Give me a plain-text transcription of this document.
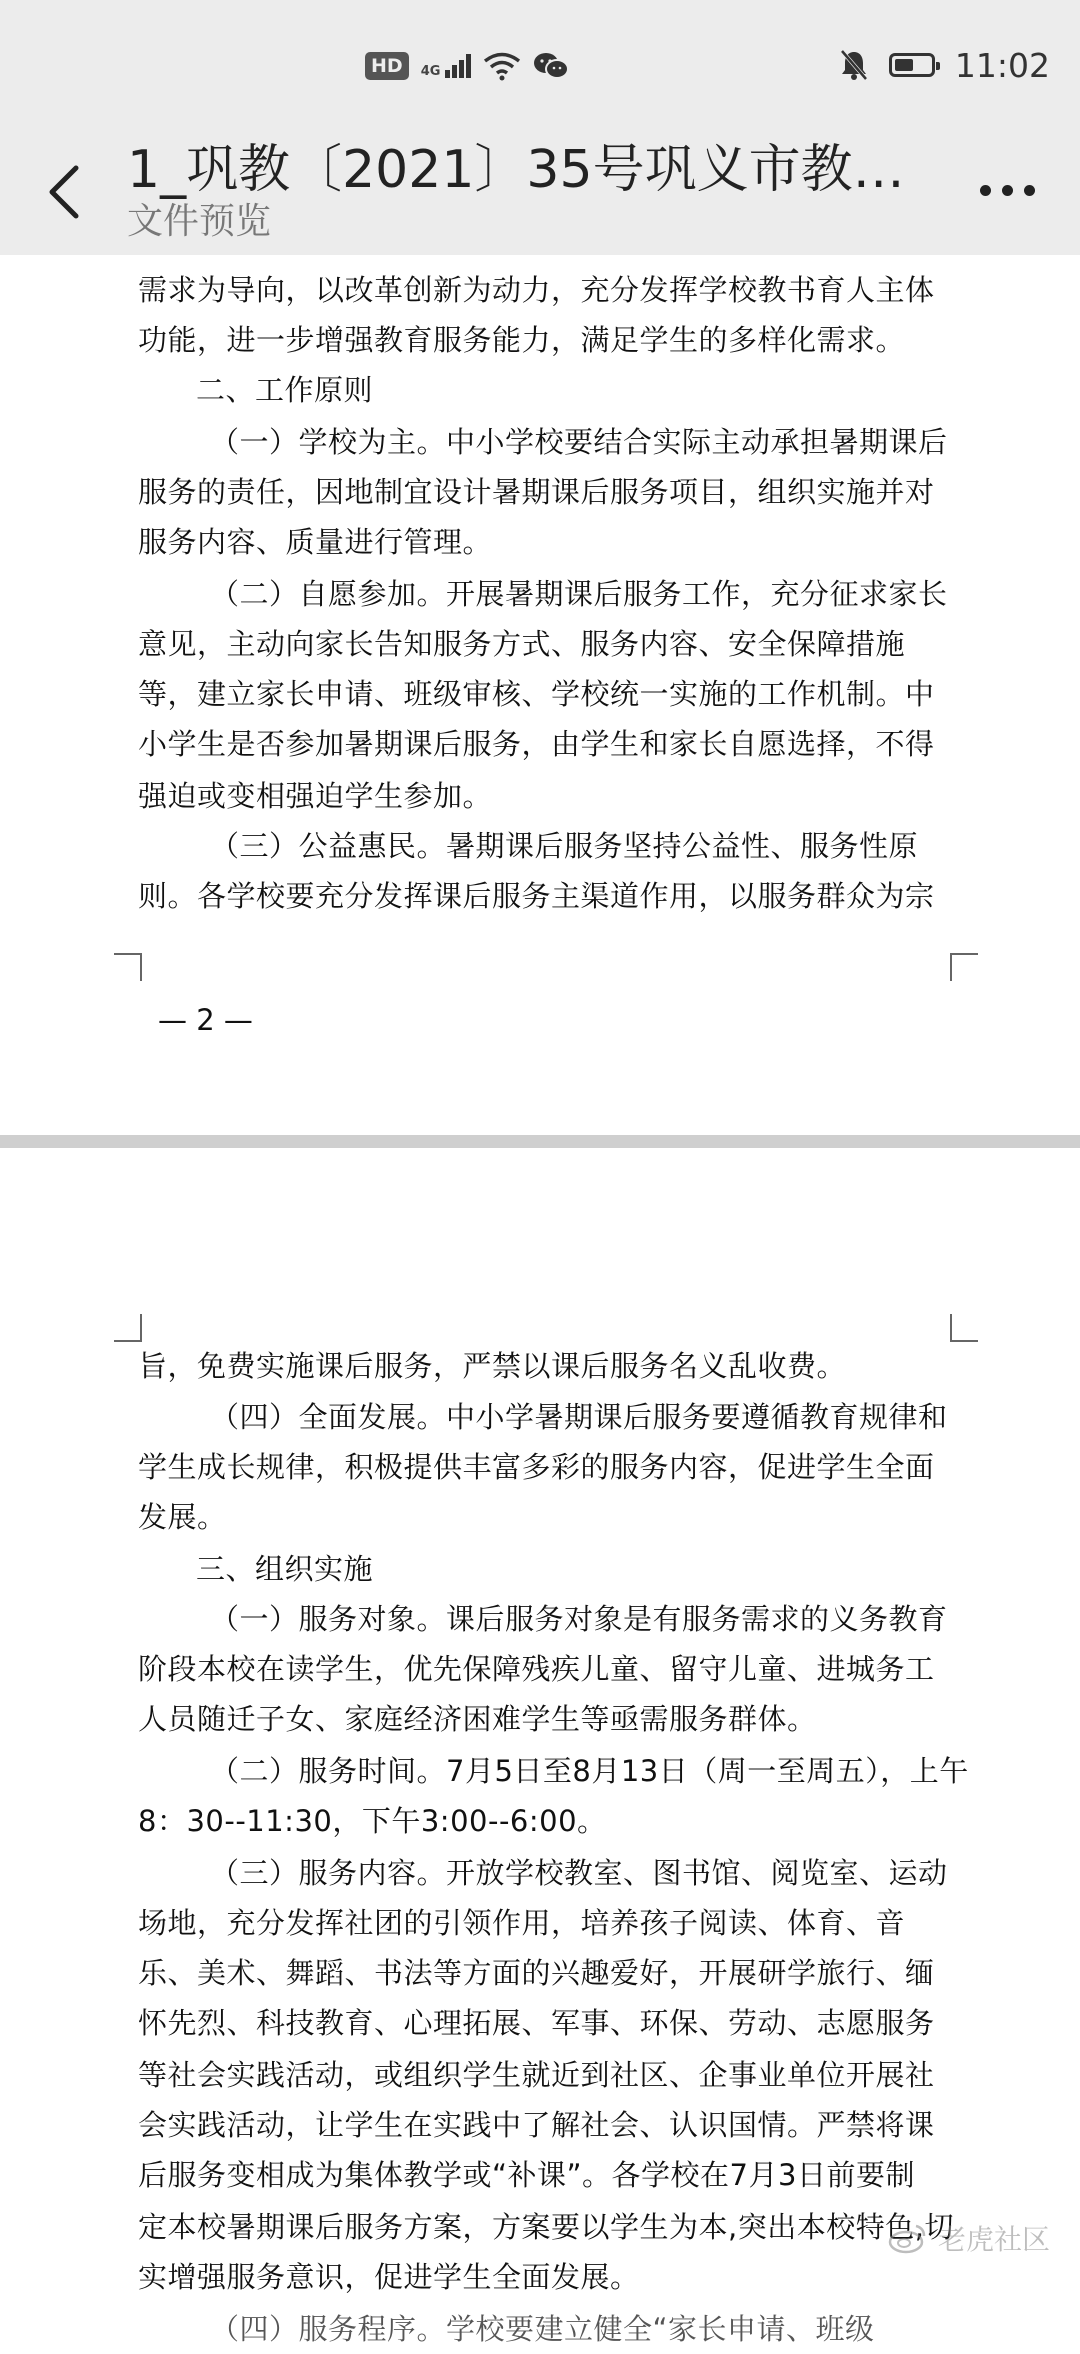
HD	4G	11:02
1_巩教〔2021〕35号巩义市教…
文件预览
需求为导向，以改革创新为动力，充分发挥学校教书育人主体
功能，进一步增强教育服务能力，满足学生的多样化需求。
二、工作原则
（一）学校为主。中小学校要结合实际主动承担暑期课后
服务的责任，因地制宜设计暑期课后服务项目，组织实施并对
服务内容、质量进行管理。
（二）自愿参加。开展暑期课后服务工作，充分征求家长
意见，主动向家长告知服务方式、服务内容、安全保障措施
等，建立家长申请、班级审核、学校统一实施的工作机制。中
小学生是否参加暑期课后服务，由学生和家长自愿选择，不得
强迫或变相强迫学生参加。
（三）公益惠民。暑期课后服务坚持公益性、服务性原
则。各学校要充分发挥课后服务主渠道作用，以服务群众为宗
— 2 —
旨，免费实施课后服务，严禁以课后服务名义乱收费。
（四）全面发展。中小学暑期课后服务要遵循教育规律和
学生成长规律，积极提供丰富多彩的服务内容，促进学生全面
发展。
三、组织实施
（一）服务对象。课后服务对象是有服务需求的义务教育
阶段本校在读学生，优先保障残疾儿童、留守儿童、进城务工
人员随迁子女、家庭经济困难学生等亟需服务群体。
（二）服务时间。7月5日至8月13日（周一至周五），上午
8：30--11:30，下午3:00--6:00。
（三）服务内容。开放学校教室、图书馆、阅览室、运动
场地，充分发挥社团的引领作用，培养孩子阅读、体育、音
乐、美术、舞蹈、书法等方面的兴趣爱好，开展研学旅行、缅
怀先烈、科技教育、心理拓展、军事、环保、劳动、志愿服务
等社会实践活动，或组织学生就近到社区、企事业单位开展社
会实践活动，让学生在实践中了解社会、认识国情。严禁将课
后服务变相成为集体教学或“补课”。各学校在7月3日前要制
定本校暑期课后服务方案，方案要以学生为本,突出本校特色,切
实增强服务意识，促进学生全面发展。
（四）服务程序。学校要建立健全“家长申请、班级
老虎社区
